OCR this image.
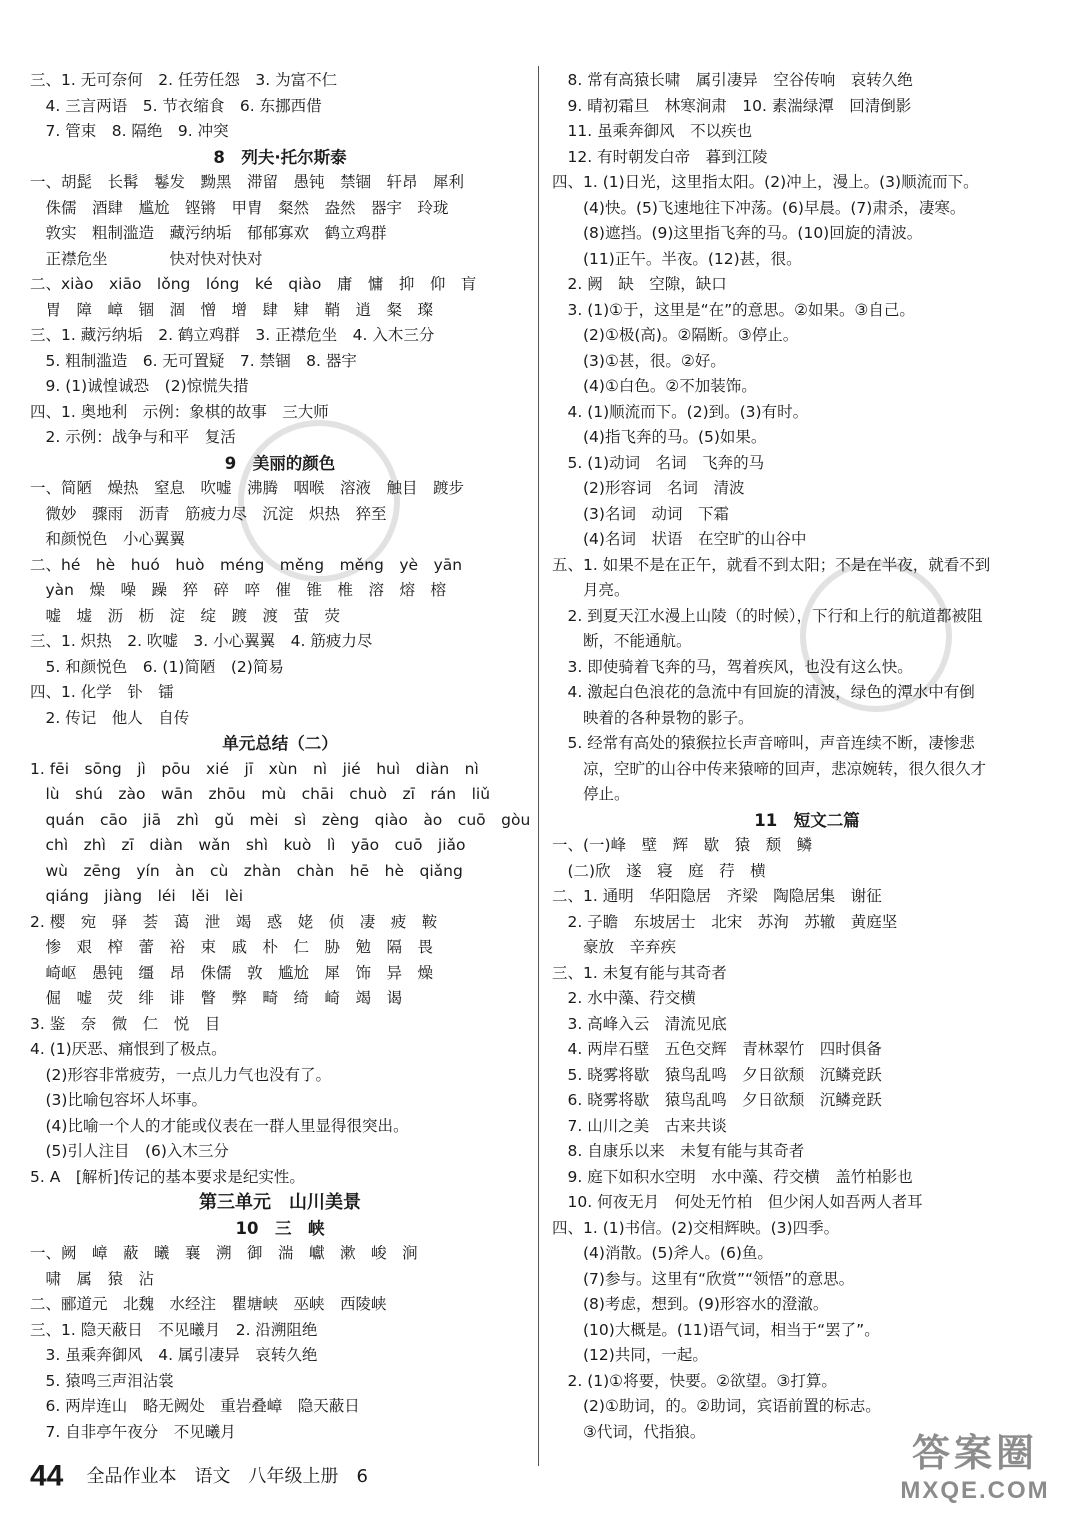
三、1. 无可奈何　2. 任劳任怨　3. 为富不仁
　4. 三言两语　5. 节衣缩食　6. 东挪西借
　7. 管束　8. 隔绝　9. 冲突
8　列夫·托尔斯泰
一、胡髭　长髯　鬈发　黝黑　滞留　愚钝　禁锢　轩昂　犀利
　侏儒　酒肆　尴尬　铿锵　甲胄　粲然　盎然　器宇　玲珑
　敦实　粗制滥造　藏污纳垢　郁郁寡欢　鹤立鸡群
　正襟危坐　　　　快对快对快对
二、xiào　xiāo　lǒng　lóng　ké　qiào　庸　慵　抑　仰　肓
　胃　障　嶂　锢　涸　憎　增　肆　肄　鞘　逍　粲　璨
三、1. 藏污纳垢　2. 鹤立鸡群　3. 正襟危坐　4. 入木三分
　5. 粗制滥造　6. 无可置疑　7. 禁锢　8. 器宇
　9. (1)诚惶诚恐　(2)惊慌失措
四、1. 奥地利　示例：象棋的故事　三大师
　2. 示例：战争与和平　复活
9　美丽的颜色
一、简陋　燥热　窒息　吹嘘　沸腾　咽喉　溶液　触目　踱步
　微妙　骤雨　沥青　筋疲力尽　沉淀　炽热　猝至
　和颜悦色　小心翼翼
二、hé　hè　huó　huò　méng　měng　měng　yè　yān
　yàn　燥　噪　躁　猝　碎　啐　催　锥　椎　溶　熔　榕
　嘘　墟　沥　枥　淀　绽　踱　渡　萤　荧
三、1. 炽热　2. 吹嘘　3. 小心翼翼　4. 筋疲力尽
　5. 和颜悦色　6. (1)简陋　(2)简易
四、1. 化学　钋　镭
　2. 传记　他人　自传
单元总结（二）
1. fēi　sōng　jì　pōu　xié　jī　xùn　nì　jié　huì　diàn　nì
　lù　shú　zào　wān　zhōu　mù　chāi　chuò　zī　rán　liǔ
　quán　cāo　jiā　zhì　gǔ　mèi　sì　zèng　qiào　ào　cuō　gòu
　chì　zhì　zī　diàn　wǎn　shì　kuò　lì　yāo　cuō　jiǎo
　wù　zēng　yín　àn　cù　zhàn　chàn　hē　hè　qiǎng
　qiáng　jiàng　léi　lěi　lèi
2. 樱　宛　驿　荟　蔼　泄　竭　惑　姥　侦　凄　疲　鞍
　惨　艰　榨　蕾　裕　束　戚　朴　仁　胁　勉　隔　畏
　崎岖　愚钝　缰　昂　侏儒　敦　尴尬　犀　饰　异　燥
　倔　嘘　荧　绯　诽　瞥　弊　畸　绮　崎　竭　谒
3. 鉴　奈　微　仁　悦　目
4. (1)厌恶、痛恨到了极点。
　(2)形容非常疲劳，一点儿力气也没有了。
　(3)比喻包容坏人坏事。
　(4)比喻一个人的才能或仪表在一群人里显得很突出。
　(5)引人注目　(6)入木三分
5. A　[解析]传记的基本要求是纪实性。
第三单元　山川美景
10　三　峡
一、阙　嶂　蔽　曦　襄　溯　御　湍　巘　漱　峻　涧
　啸　属　猿　沾
二、郦道元　北魏　水经注　瞿塘峡　巫峡　西陵峡
三、1. 隐天蔽日　不见曦月　2. 沿溯阻绝
　3. 虽乘奔御风　4. 属引凄异　哀转久绝
　5. 猿鸣三声泪沾裳
　6. 两岸连山　略无阙处　重岩叠嶂　隐天蔽日
　7. 自非亭午夜分　不见曦月
　8. 常有高猿长啸　属引凄异　空谷传响　哀转久绝
　9. 晴初霜旦　林寒涧肃　10. 素湍绿潭　回清倒影
　11. 虽乘奔御风　不以疾也
　12. 有时朝发白帝　暮到江陵
四、1. (1)日光，这里指太阳。(2)冲上，漫上。(3)顺流而下。
　　(4)快。(5)飞速地往下冲荡。(6)早晨。(7)肃杀，凄寒。
　　(8)遮挡。(9)这里指飞奔的马。(10)回旋的清波。
　　(11)正午。半夜。(12)甚，很。
　2. 阙　缺　空隙，缺口
　3. (1)①于，这里是“在”的意思。②如果。③自己。
　　(2)①极(高)。②隔断。③停止。
　　(3)①甚，很。②好。
　　(4)①白色。②不加装饰。
　4. (1)顺流而下。(2)到。(3)有时。
　　(4)指飞奔的马。(5)如果。
　5. (1)动词　名词　飞奔的马
　　(2)形容词　名词　清波
　　(3)名词　动词　下霜
　　(4)名词　状语　在空旷的山谷中
五、1. 如果不是在正午，就看不到太阳；不是在半夜，就看不到
　　月亮。
　2. 到夏天江水漫上山陵（的时候），下行和上行的航道都被阻
　　断，不能通航。
　3. 即使骑着飞奔的马，驾着疾风，也没有这么快。
　4. 激起白色浪花的急流中有回旋的清波，绿色的潭水中有倒
　　映着的各种景物的影子。
　5. 经常有高处的猿猴拉长声音啼叫，声音连续不断，凄惨悲
　　凉，空旷的山谷中传来猿啼的回声，悲凉婉转，很久很久才
　　停止。
11　短文二篇
一、(一)峰　壁　辉　歇　猿　颓　鳞
　(二)欣　遂　寝　庭　荇　横
二、1. 通明　华阳隐居　齐梁　陶隐居集　谢征
　2. 子瞻　东坡居士　北宋　苏洵　苏辙　黄庭坚
　　豪放　辛弃疾
三、1. 未复有能与其奇者
　2. 水中藻、荇交横
　3. 高峰入云　清流见底
　4. 两岸石壁　五色交辉　青林翠竹　四时俱备
　5. 晓雾将歇　猿鸟乱鸣　夕日欲颓　沉鳞竞跃
　6. 晓雾将歇　猿鸟乱鸣　夕日欲颓　沉鳞竞跃
　7. 山川之美　古来共谈
　8. 自康乐以来　未复有能与其奇者
　9. 庭下如积水空明　水中藻、荇交横　盖竹柏影也
　10. 何夜无月　何处无竹柏　但少闲人如吾两人者耳
四、1. (1)书信。(2)交相辉映。(3)四季。
　　(4)消散。(5)斧人。(6)鱼。
　　(7)参与。这里有“欣赏”“领悟”的意思。
　　(8)考虑，想到。(9)形容水的澄澈。
　　(10)大概是。(11)语气词，相当于“罢了”。
　　(12)共同，一起。
　2. (1)①将要，快要。②欲望。③打算。
　　(2)①助词，的。②助词，宾语前置的标志。
　　③代词，代指狼。
44 全品作业本　语文　八年级上册　6
答案圈
MXQE.COM
